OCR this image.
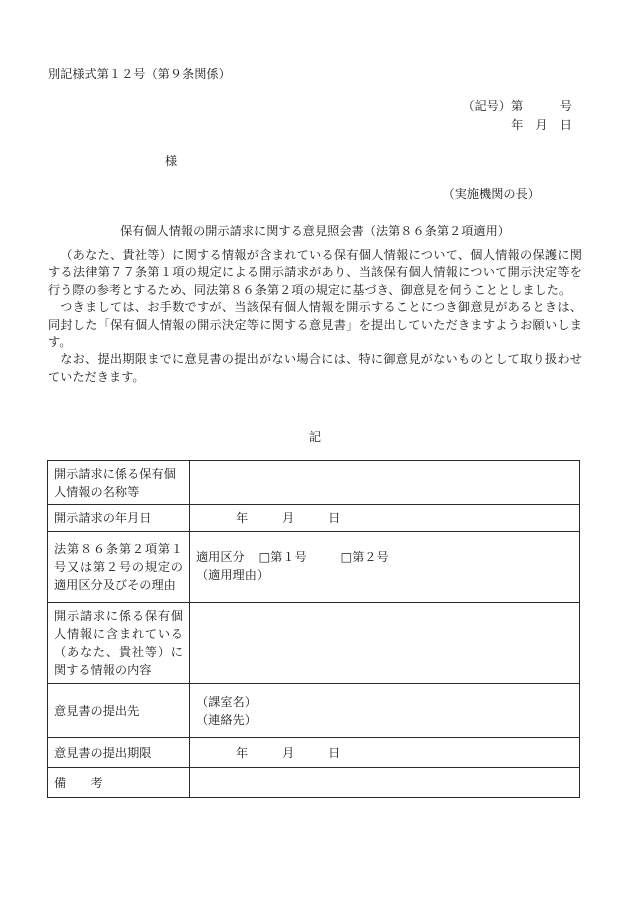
別記様式第１２号（第９条関係）
（記号）第　　　号
年　月　日
様
（実施機関の長）
保有個人情報の開示請求に関する意見照会書（法第８６条第２項適用）

（あなた、貴社等）に関する情報が含まれている保有個人情報について、個人情報の保護に関する法律第７７条第１項の規定による開示請求があり、当該保有個人情報について開示決定等を行う際の参考とするため、同法第８６条第２項の規定に基づき、御意見を伺うこととしました。

つきましては、お手数ですが、当該保有個人情報を開示することにつき御意見があるときは、同封した「保有個人情報の開示決定等に関する意見書」を提出していただきますようお願いします。

なお、提出期限までに意見書の提出がない場合には、特に御意見がないものとして取り扱わせていただきます。

記
開示請求に係る保有個人情報の名称等	
開示請求の年月日	年 月 日
法第８６条第２項第１号又は第２号の規定の適用区分及びその理由	適用区分 □第１号 □第２号
（適用理由）

開示請求に係る保有個人情報に含まれている（あなた、貴社等）に関する情報の内容	
意見書の提出先	（課室名）
（連絡先）

意見書の提出期限	年 月 日
備　　考	
